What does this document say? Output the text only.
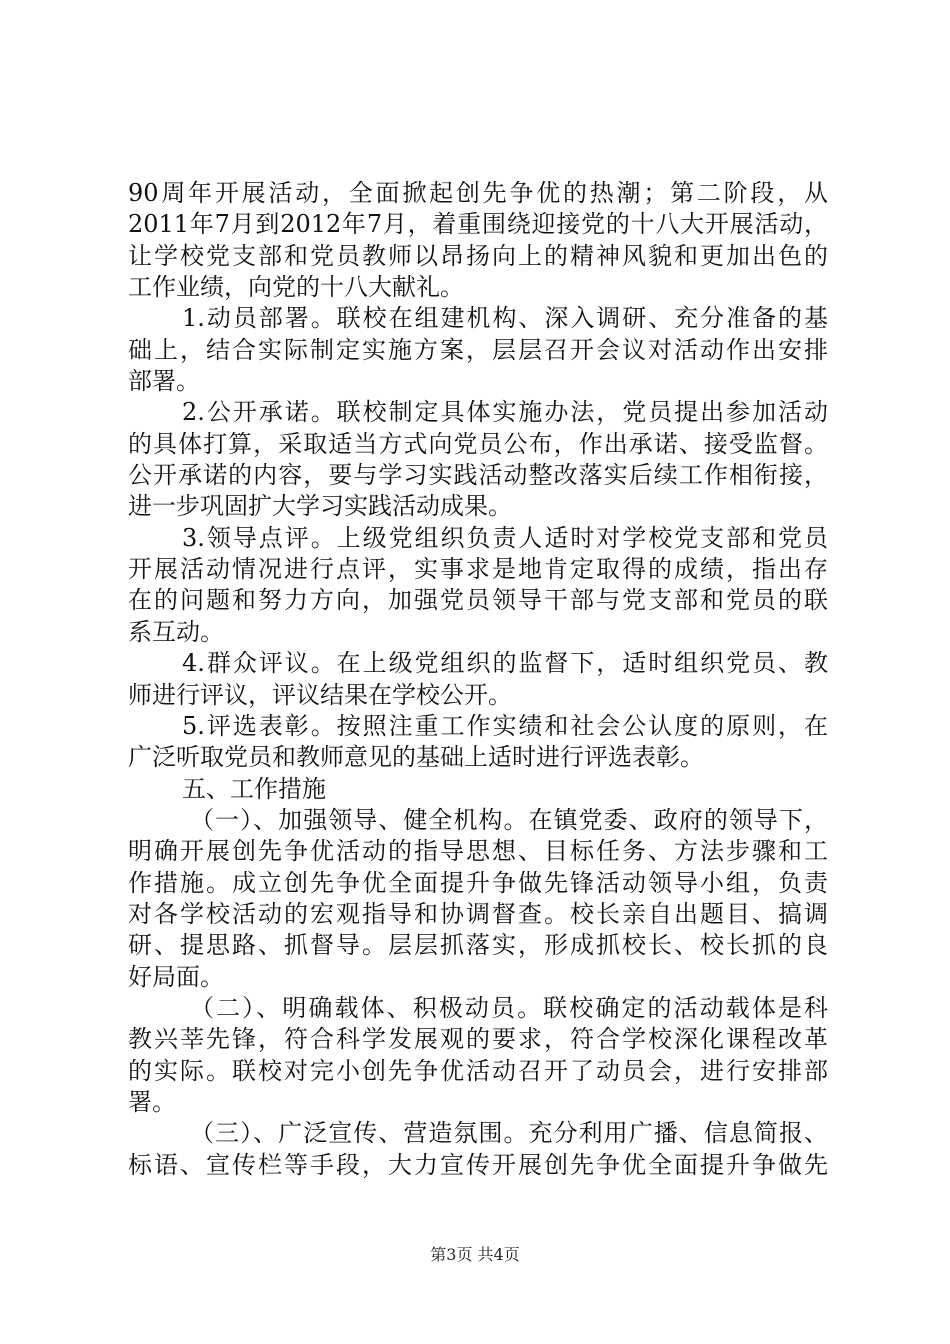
90周年开展活动，全面掀起创先争优的热潮；第二阶段，从
2011年7月到2012年7月，着重围绕迎接党的十八大开展活动，
让学校党支部和党员教师以昂扬向上的精神风貌和更加出色的
工作业绩，向党的十八大献礼。
1.动员部署。联校在组建机构、深入调研、充分准备的基
础上，结合实际制定实施方案，层层召开会议对活动作出安排
部署。
2.公开承诺。联校制定具体实施办法，党员提出参加活动
的具体打算，采取适当方式向党员公布，作出承诺、接受监督。
公开承诺的内容，要与学习实践活动整改落实后续工作相衔接，
进一步巩固扩大学习实践活动成果。
3.领导点评。上级党组织负责人适时对学校党支部和党员
开展活动情况进行点评，实事求是地肯定取得的成绩，指出存
在的问题和努力方向，加强党员领导干部与党支部和党员的联
系互动。
4.群众评议。在上级党组织的监督下，适时组织党员、教
师进行评议，评议结果在学校公开。
5.评选表彰。按照注重工作实绩和社会公认度的原则，在
广泛听取党员和教师意见的基础上适时进行评选表彰。
五、工作措施
（一）、加强领导、健全机构。在镇党委、政府的领导下，
明确开展创先争优活动的指导思想、目标任务、方法步骤和工
作措施。成立创先争优全面提升争做先锋活动领导小组，负责
对各学校活动的宏观指导和协调督查。校长亲自出题目、搞调
研、提思路、抓督导。层层抓落实，形成抓校长、校长抓的良
好局面。
（二）、明确载体、积极动员。联校确定的活动载体是科
教兴莘先锋，符合科学发展观的要求，符合学校深化课程改革
的实际。联校对完小创先争优活动召开了动员会，进行安排部
署。
（三）、广泛宣传、营造氛围。充分利用广播、信息简报、
标语、宣传栏等手段，大力宣传开展创先争优全面提升争做先
第3页 共4页
